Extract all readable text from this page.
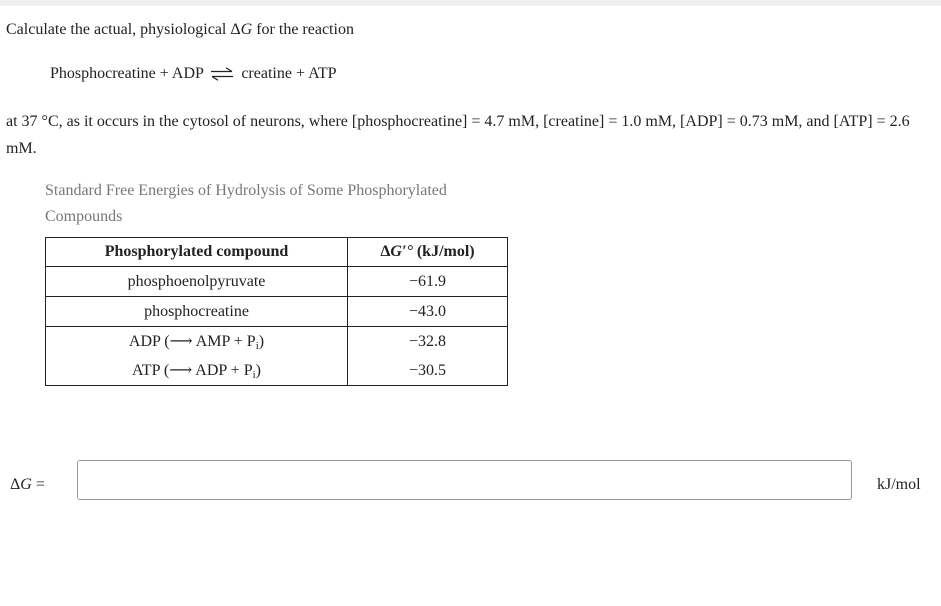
Calculate the actual, physiological ΔG for the reaction
Phosphocreatine + ADP ⇌ creatine + ATP
at 37 °C, as it occurs in the cytosol of neurons, where [phosphocreatine] = 4.7 mM, [creatine] = 1.0 mM, [ADP] = 0.73 mM, and [ATP] = 2.6 mM.
Standard Free Energies of Hydrolysis of Some Phosphorylated Compounds
Phosphorylated compound	ΔG′° (kJ/mol)
phosphoenolpyruvate	−61.9
phosphocreatine	−43.0
ADP (⟶ AMP + $P_i$)	−32.8
ATP (⟶ ADP + $P_i$)	−30.5
ΔG =	kJ/mol
